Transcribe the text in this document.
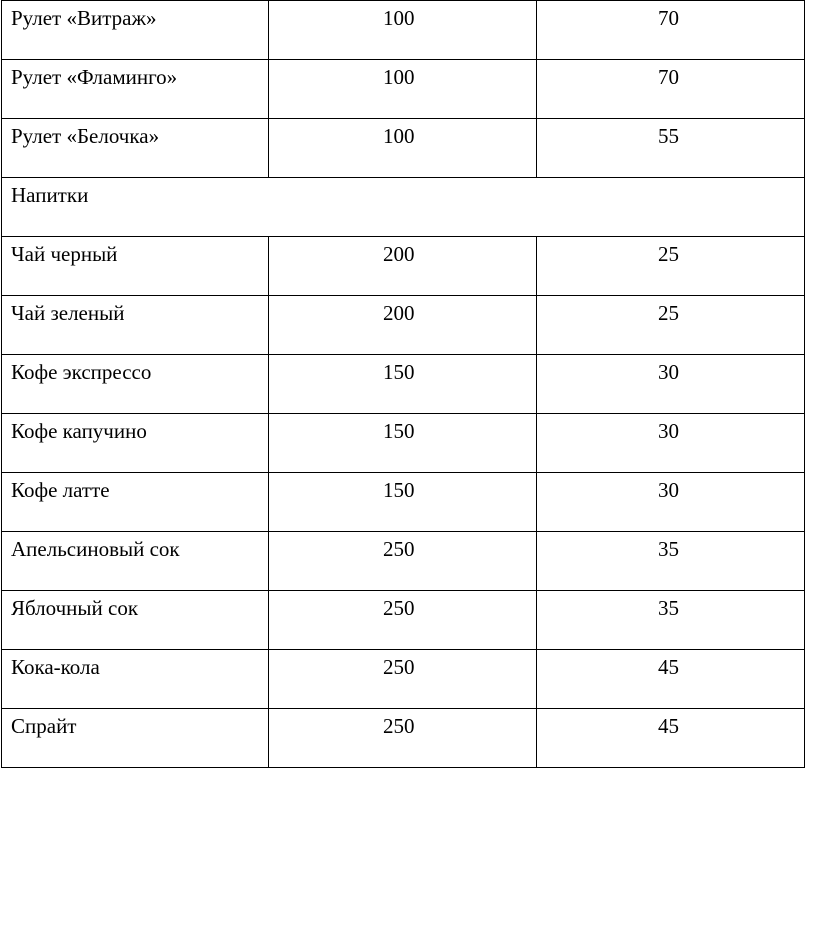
Рулет «Витраж»	100	70

Рулет «Фламинго»	100	70

Рулет «Белочка»	100	55

Напитки		

Чай черный	200	25

Чай зеленый	200	25

Кофе экспрессо	150	30

Кофе капучино	150	30

Кофе латте	150	30

Апельсиновый сок	250	35

Яблочный сок	250	35

Кока-кола	250	45

Спрайт	250	45
